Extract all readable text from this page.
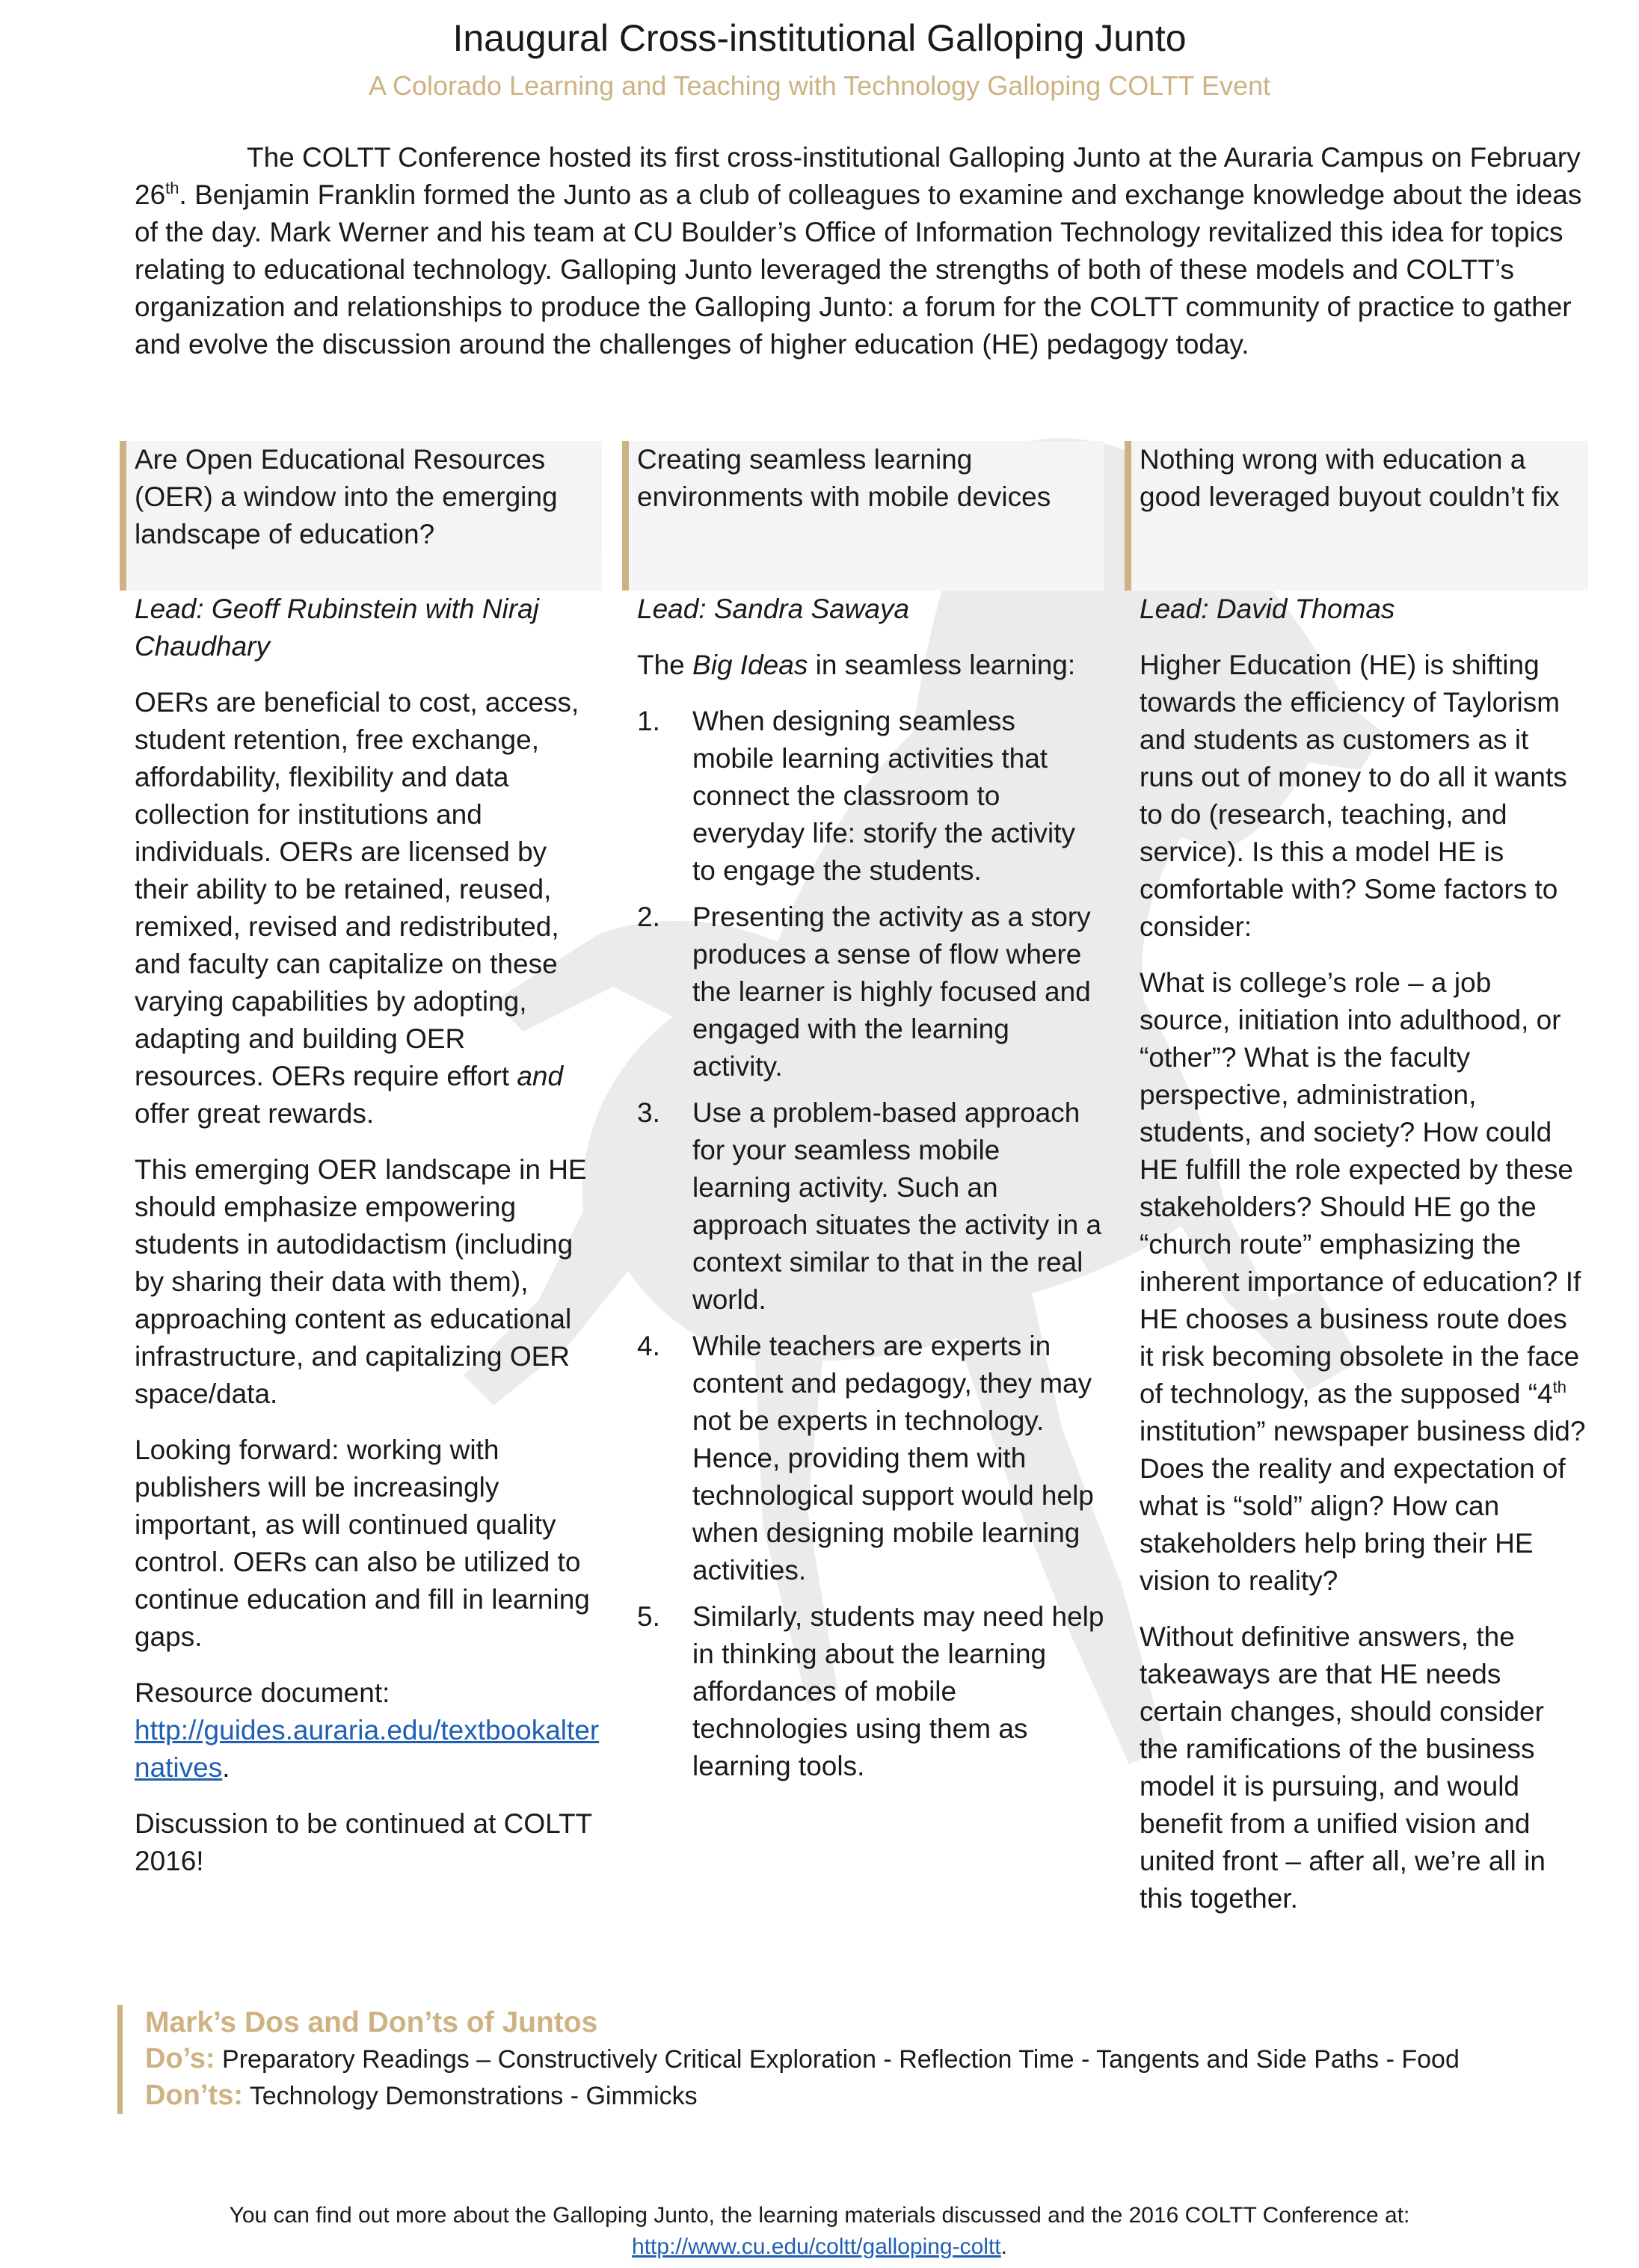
Inaugural Cross-institutional Galloping Junto
A Colorado Learning and Teaching with Technology Galloping COLTT Event

The COLTT Conference hosted its first cross-institutional Galloping Junto at the Auraria Campus on February 26th. Benjamin Franklin formed the Junto as a club of colleagues to examine and exchange knowledge about the ideas of the day. Mark Werner and his team at CU Boulder’s Office of Information Technology revitalized this idea for topics relating to educational technology. Galloping Junto leveraged the strengths of both of these models and COLTT’s organization and relationships to produce the Galloping Junto: a forum for the COLTT community of practice to gather and evolve the discussion around the challenges of higher education (HE) pedagogy today.

Are Open Educational Resources (OER) a window into the emerging landscape of education?

Lead: Geoff Rubinstein with Niraj Chaudhary

OERs are beneficial to cost, access, student retention, free exchange, affordability, flexibility and data collection for institutions and individuals. OERs are licensed by their ability to be retained, reused, remixed, revised and redistributed, and faculty can capitalize on these varying capabilities by adopting, adapting and building OER resources. OERs require effort and offer great rewards.

This emerging OER landscape in HE should emphasize empowering students in autodidactism (including by sharing their data with them), approaching content as educational infrastructure, and capitalizing OER space/data.

Looking forward: working with publishers will be increasingly important, as will continued quality control. OERs can also be utilized to continue education and fill in learning gaps.

Resource document:
http://guides.auraria.edu/textbookalternatives.

Discussion to be continued at COLTT 2016!

Creating seamless learning environments with mobile devices

Lead: Sandra Sawaya

The Big Ideas in seamless learning:

1. When designing seamless mobile learning activities that connect the classroom to everyday life: storify the activity to engage the students.
2. Presenting the activity as a story produces a sense of flow where the learner is highly focused and engaged with the learning activity.
3. Use a problem-based approach for your seamless mobile learning activity. Such an approach situates the activity in a context similar to that in the real world.
4. While teachers are experts in content and pedagogy, they may not be experts in technology. Hence, providing them with technological support would help when designing mobile learning activities.
5. Similarly, students may need help in thinking about the learning affordances of mobile technologies using them as learning tools.
Nothing wrong with education a good leveraged buyout couldn’t fix

Lead: David Thomas

Higher Education (HE) is shifting towards the efficiency of Taylorism and students as customers as it runs out of money to do all it wants to do (research, teaching, and service). Is this a model HE is comfortable with? Some factors to consider:

What is college’s role – a job source, initiation into adulthood, or “other”? What is the faculty perspective, administration, students, and society? How could HE fulfill the role expected by these stakeholders? Should HE go the “church route” emphasizing the inherent importance of education? If HE chooses a business route does it risk becoming obsolete in the face of technology, as the supposed “4th institution” newspaper business did? Does the reality and expectation of what is “sold” align? How can stakeholders help bring their HE vision to reality?

Without definitive answers, the takeaways are that HE needs certain changes, should consider the ramifications of the business model it is pursuing, and would benefit from a unified vision and united front – after all, we’re all in this together.

Mark’s Dos and Don’ts of Juntos
Do’s: Preparatory Readings – Constructively Critical Exploration - Reflection Time - Tangents and Side Paths - Food
Don’ts: Technology Demonstrations - Gimmicks
You can find out more about the Galloping Junto, the learning materials discussed and the 2016 COLTT Conference at:
http://www.cu.edu/coltt/galloping-coltt.
